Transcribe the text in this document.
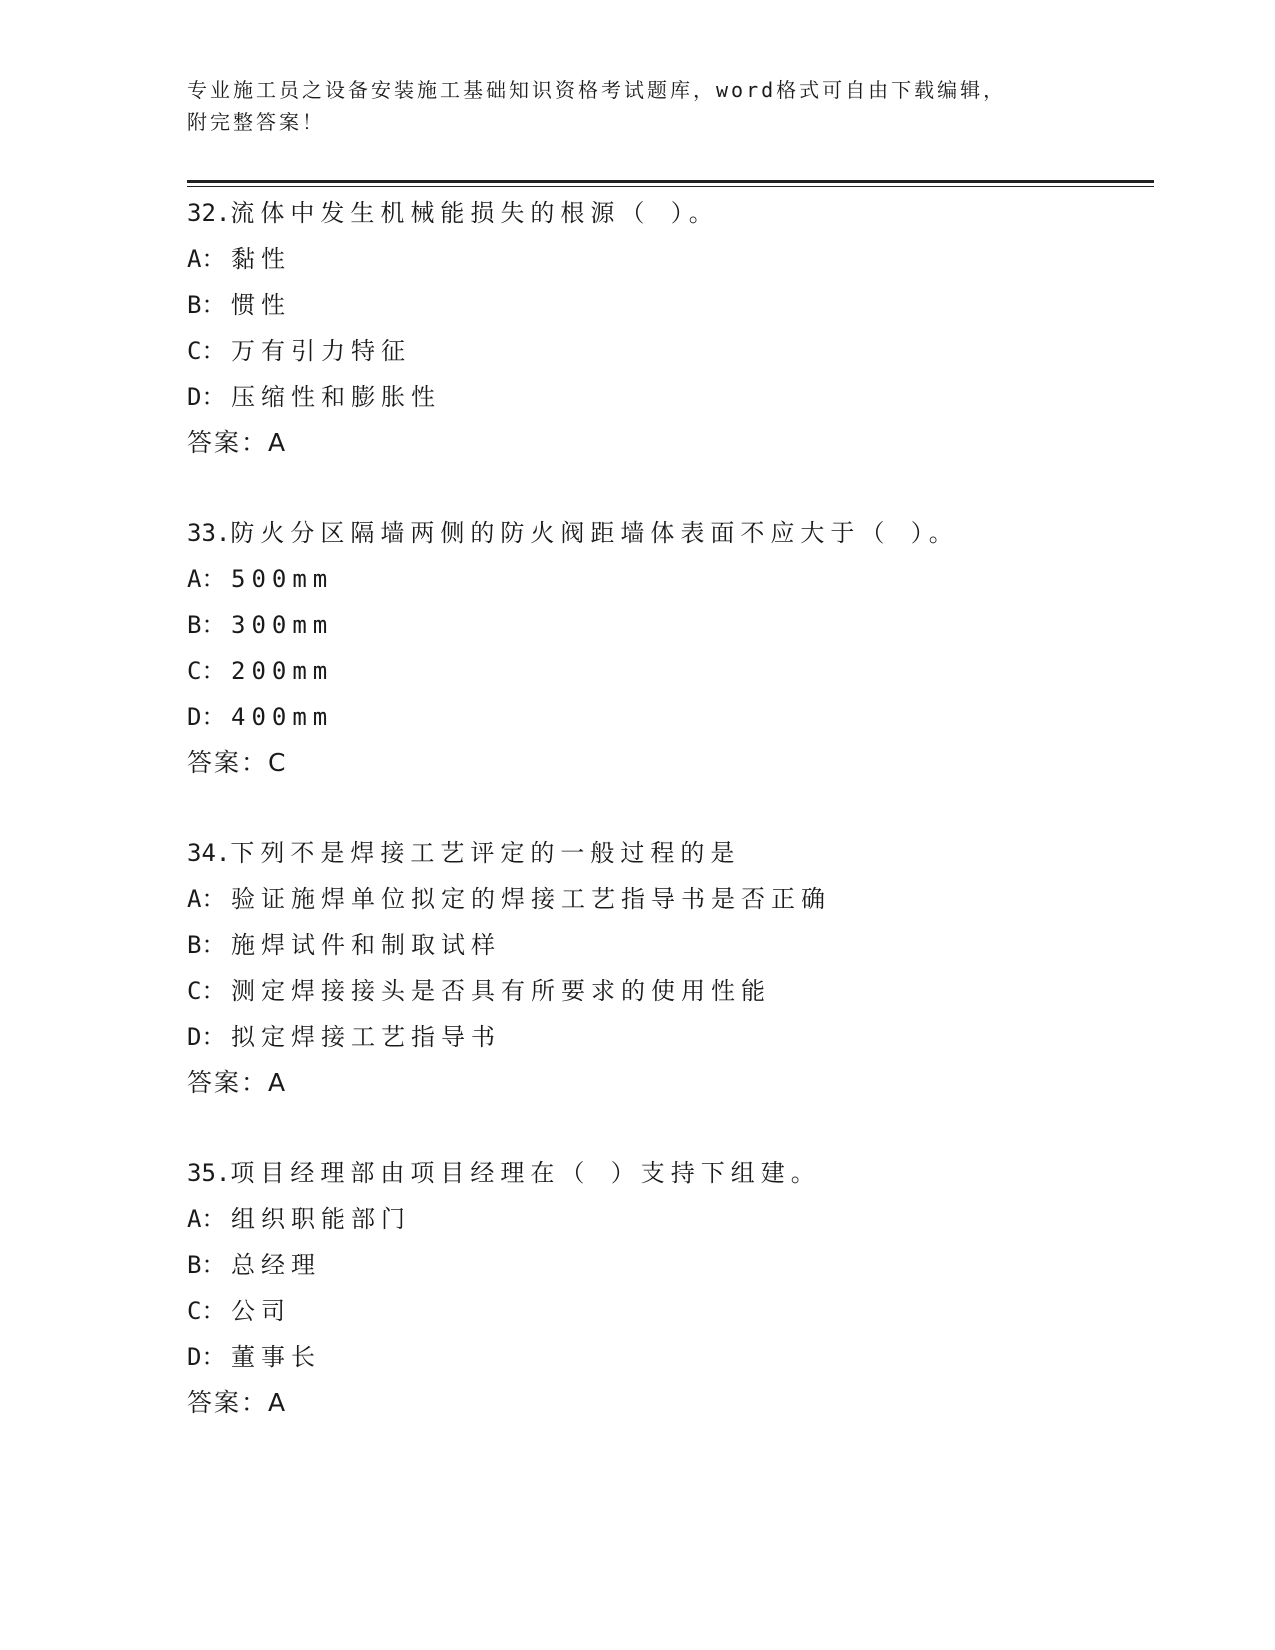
专业施工员之设备安装施工基础知识资格考试题库，word格式可自由下载编辑，
附完整答案！
32.流体中发生机械能损失的根源（ ）。
A： 黏性
B： 惯性
C： 万有引力特征
D： 压缩性和膨胀性
答案：A
33.防火分区隔墙两侧的防火阀距墙体表面不应大于（ ）。
A： 500mm
B： 300mm
C： 200mm
D： 400mm
答案：C
34.下列不是焊接工艺评定的一般过程的是
A： 验证施焊单位拟定的焊接工艺指导书是否正确
B： 施焊试件和制取试样
C： 测定焊接接头是否具有所要求的使用性能
D： 拟定焊接工艺指导书
答案：A
35.项目经理部由项目经理在（ ）支持下组建。
A： 组织职能部门
B： 总经理
C： 公司
D： 董事长
答案：A
